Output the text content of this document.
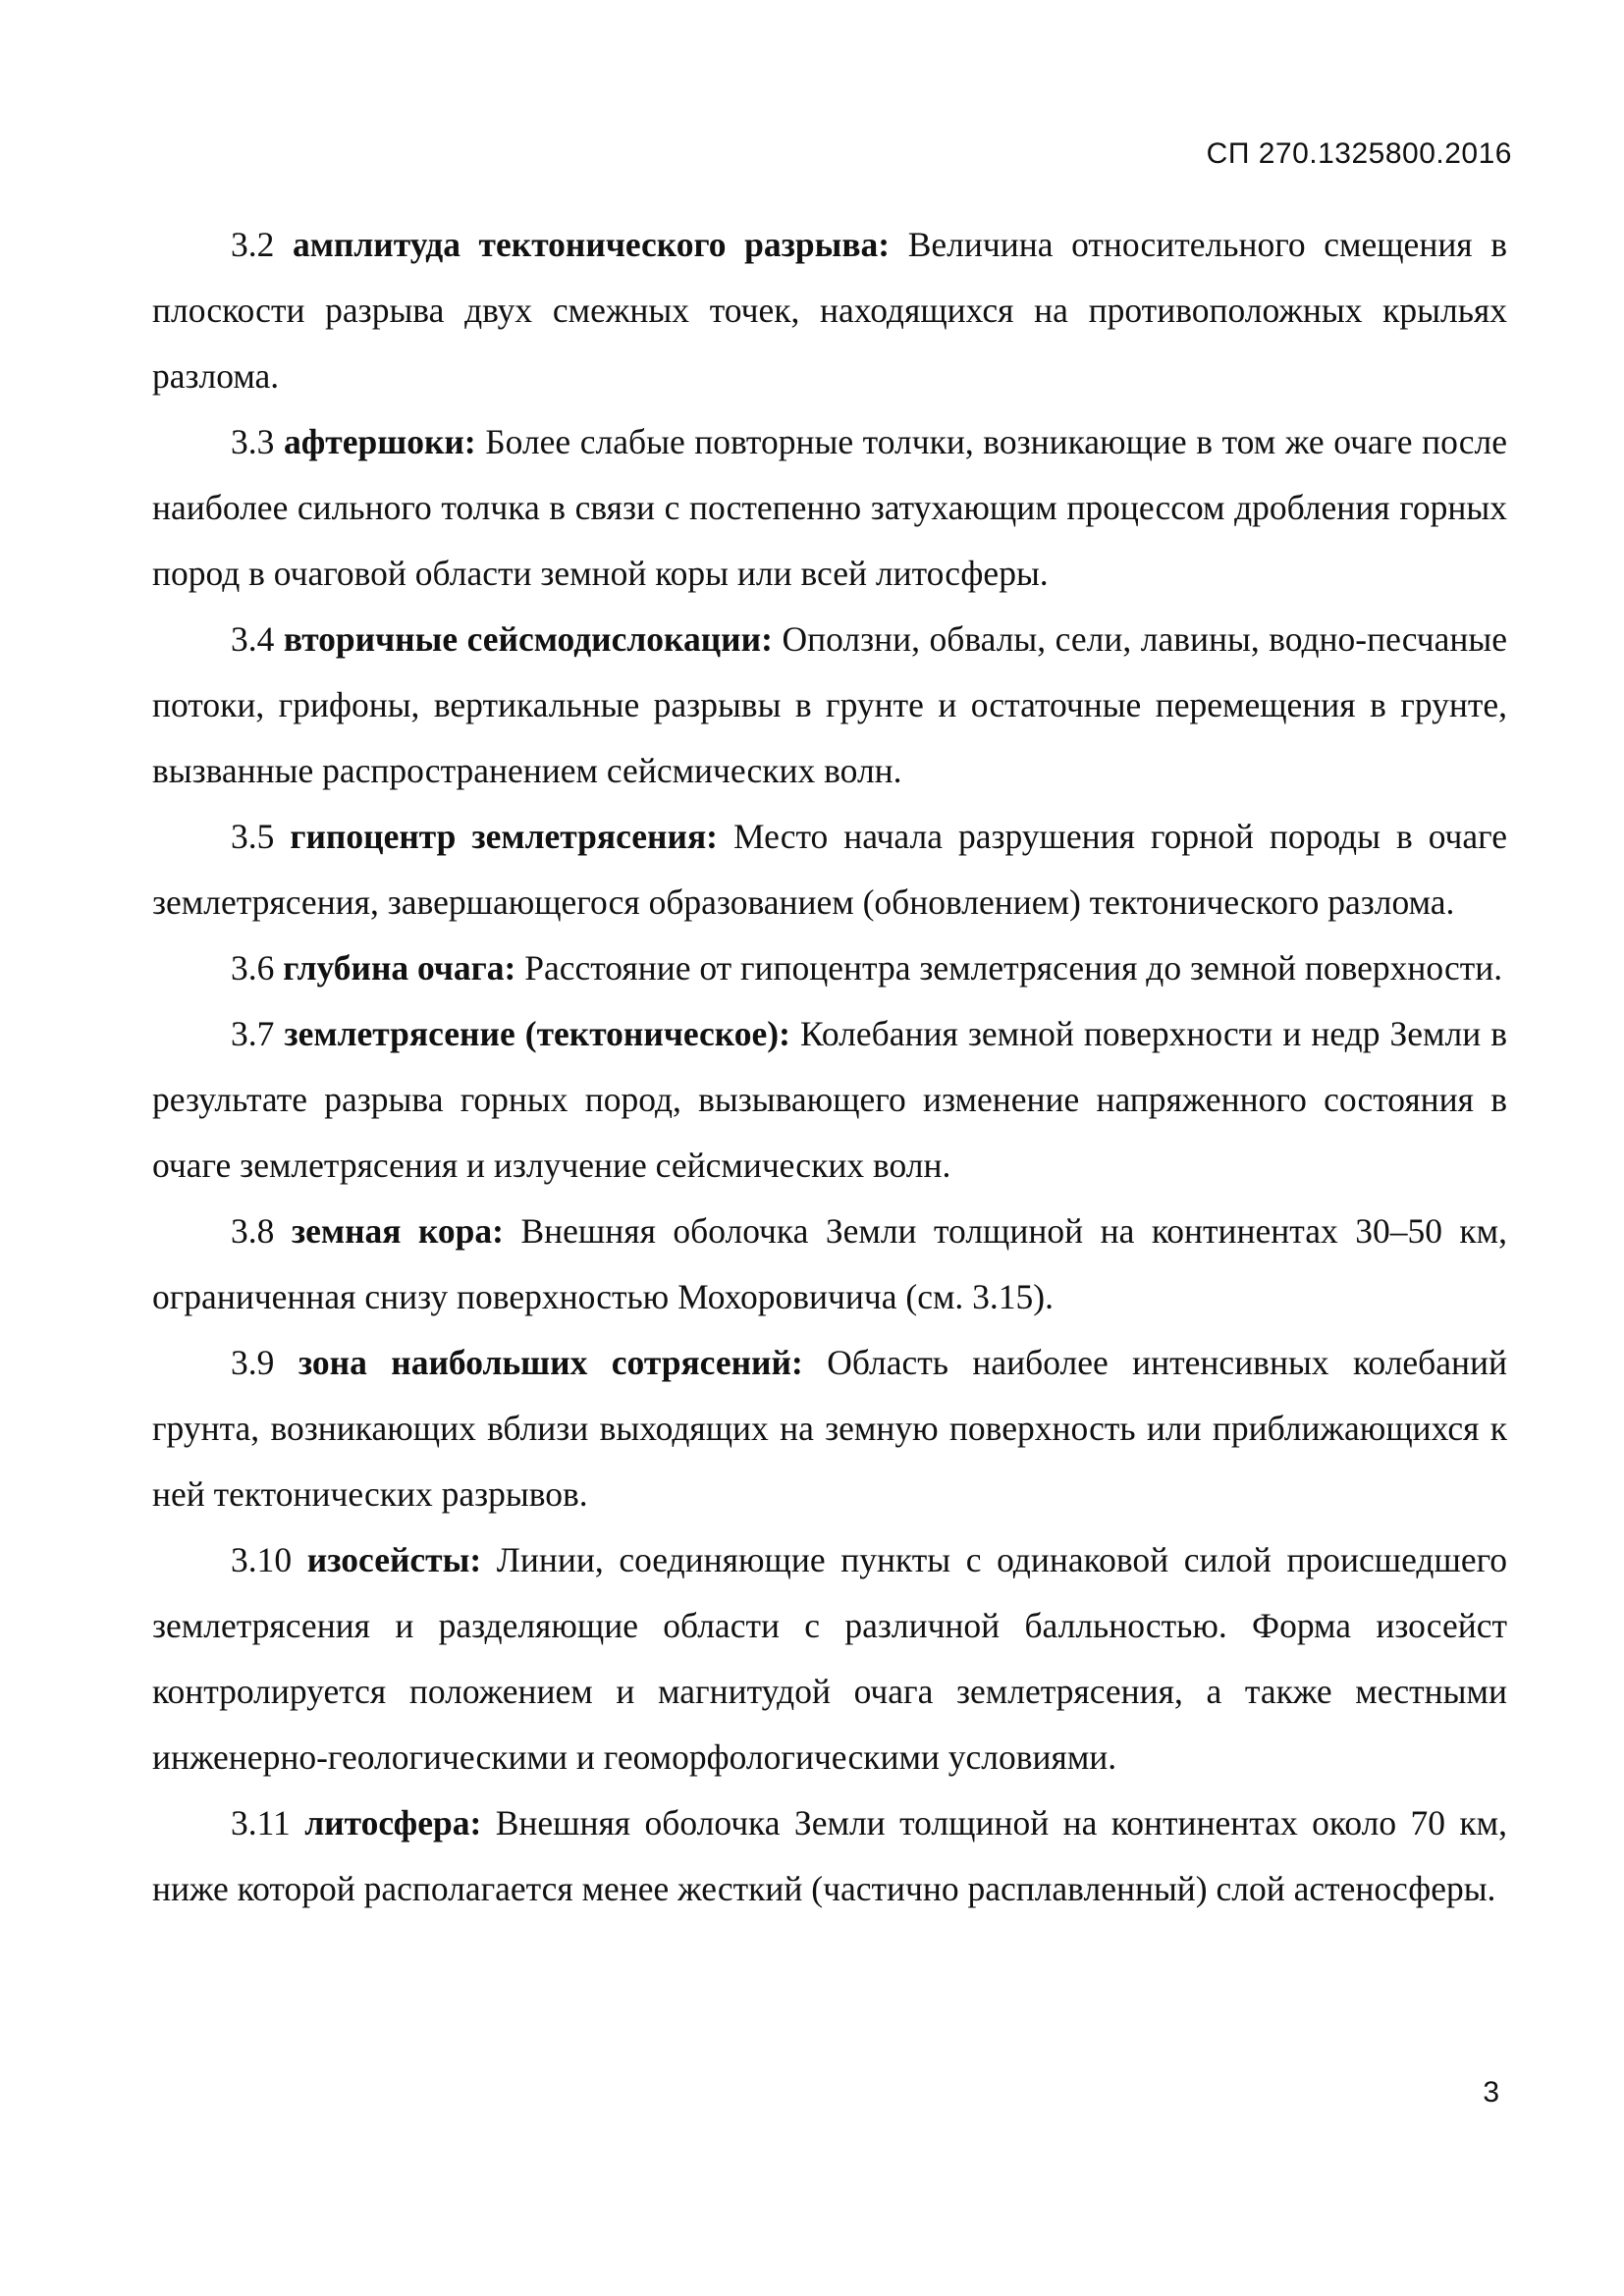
СП 270.1325800.2016

3.2 амплитуда тектонического разрыва: Величина относительного смещения в плоскости разрыва двух смежных точек, находящихся на противоположных крыльях разлома.

3.3 афтершоки: Более слабые повторные толчки, возникающие в том же очаге после наиболее сильного толчка в связи с постепенно затухающим процессом дробления горных пород в очаговой области земной коры или всей литосферы.

3.4 вторичные сейсмодислокации: Оползни, обвалы, сели, лавины, водно-песчаные потоки, грифоны, вертикальные разрывы в грунте и остаточные перемещения в грунте, вызванные распространением сейсмических волн.

3.5 гипоцентр землетрясения: Место начала разрушения горной породы в очаге землетрясения, завершающегося образованием (обновлением) тектонического разлома.

3.6 глубина очага: Расстояние от гипоцентра землетрясения до земной поверхности.

3.7 землетрясение (тектоническое): Колебания земной поверхности и недр Земли в результате разрыва горных пород, вызывающего изменение напряженного состояния в очаге землетрясения и излучение сейсмических волн.

3.8 земная кора: Внешняя оболочка Земли толщиной на континентах 30–50 км, ограниченная снизу поверхностью Мохоровичича (см. 3.15).

3.9 зона наибольших сотрясений: Область наиболее интенсивных колебаний грунта, возникающих вблизи выходящих на земную поверхность или приближающихся к ней тектонических разрывов.

3.10 изосейсты: Линии, соединяющие пункты с одинаковой силой происшедшего землетрясения и разделяющие области с различной балльностью. Форма изосейст контролируется положением и магнитудой очага землетрясения, а также местными инженерно-геологическими и геоморфологическими условиями.

3.11 литосфера: Внешняя оболочка Земли толщиной на континентах около 70 км, ниже которой располагается менее жесткий (частично расплавленный) слой астеносферы.

3
